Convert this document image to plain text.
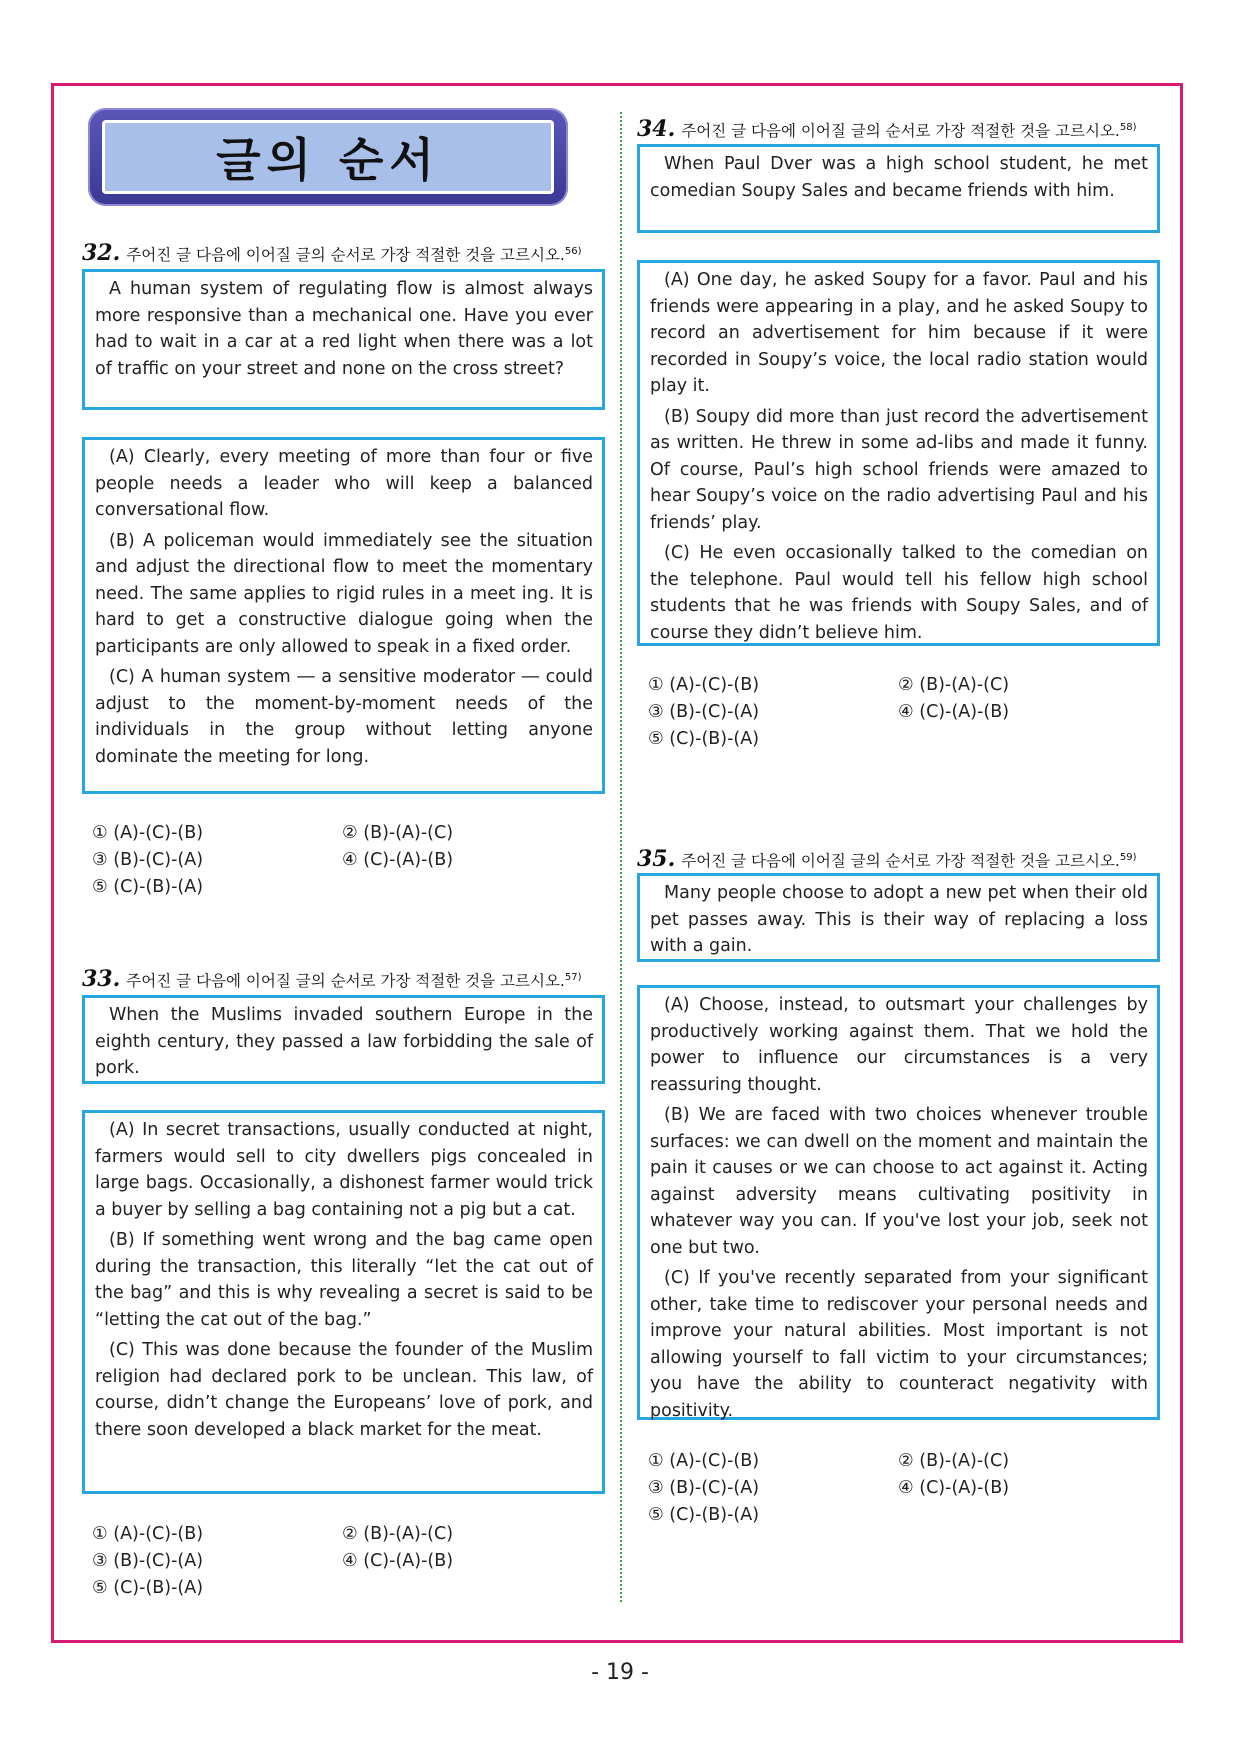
글의 순서
32. 주어진 글 다음에 이어질 글의 순서로 가장 적절한 것을 고르시오.$^{56)}$

A human system of regulating flow is almost always more responsive than a mechanical one. Have you ever had to wait in a car at a red light when there was a lot of traffic on your street and none on the cross street?

(A) Clearly, every meeting of more than four or five people needs a leader who will keep a balanced conversational flow.

(B) A policeman would immediately see the situation and adjust the directional flow to meet the momentary need. The same applies to rigid rules in a meet ing. It is hard to get a constructive dialogue going when the participants are only allowed to speak in a fixed order.

(C) A human system ― a sensitive moderator ― could adjust to the moment-by-moment needs of the individuals in the group without letting anyone dominate the meeting for long.

① (A)-(C)-(B)	② (B)-(A)-(C)
③ (B)-(C)-(A)	④ (C)-(A)-(B)
⑤ (C)-(B)-(A)
33. 주어진 글 다음에 이어질 글의 순서로 가장 적절한 것을 고르시오.$^{57)}$

When the Muslims invaded southern Europe in the eighth century, they passed a law forbidding the sale of pork.

(A) In secret transactions, usually conducted at night, farmers would sell to city dwellers pigs concealed in large bags. Occasionally, a dishonest farmer would trick a buyer by selling a bag containing not a pig but a cat.

(B) If something went wrong and the bag came open during the transaction, this literally “let the cat out of the bag” and this is why revealing a secret is said to be “letting the cat out of the bag.”

(C) This was done because the founder of the Muslim religion had declared pork to be unclean. This law, of course, didn’t change the Europeans’ love of pork, and there soon developed a black market for the meat.

① (A)-(C)-(B)	② (B)-(A)-(C)
③ (B)-(C)-(A)	④ (C)-(A)-(B)
⑤ (C)-(B)-(A)
34. 주어진 글 다음에 이어질 글의 순서로 가장 적절한 것을 고르시오.$^{58)}$

When Paul Dver was a high school student, he met comedian Soupy Sales and became friends with him.

(A) One day, he asked Soupy for a favor. Paul and his friends were appearing in a play, and he asked Soupy to record an advertisement for him because if it were recorded in Soupy’s voice, the local radio station would play it.

(B) Soupy did more than just record the advertisement as written. He threw in some ad-libs and made it funny. Of course, Paul’s high school friends were amazed to hear Soupy’s voice on the radio advertising Paul and his friends’ play.

(C) He even occasionally talked to the comedian on the telephone. Paul would tell his fellow high school students that he was friends with Soupy Sales, and of course they didn’t believe him.

① (A)-(C)-(B)	② (B)-(A)-(C)
③ (B)-(C)-(A)	④ (C)-(A)-(B)
⑤ (C)-(B)-(A)
35. 주어진 글 다음에 이어질 글의 순서로 가장 적절한 것을 고르시오.$^{59)}$

Many people choose to adopt a new pet when their old pet passes away. This is their way of replacing a loss with a gain.

(A) Choose, instead, to outsmart your challenges by productively working against them. That we hold the power to influence our circumstances is a very reassuring thought.

(B) We are faced with two choices whenever trouble surfaces: we can dwell on the moment and maintain the pain it causes or we can choose to act against it. Acting against adversity means cultivating positivity in whatever way you can. If you've lost your job, seek not one but two.

(C) If you've recently separated from your significant other, take time to rediscover your personal needs and improve your natural abilities. Most important is not allowing yourself to fall victim to your circumstances; you have the ability to counteract negativity with positivity.

① (A)-(C)-(B)	② (B)-(A)-(C)
③ (B)-(C)-(A)	④ (C)-(A)-(B)
⑤ (C)-(B)-(A)
- 19 -
